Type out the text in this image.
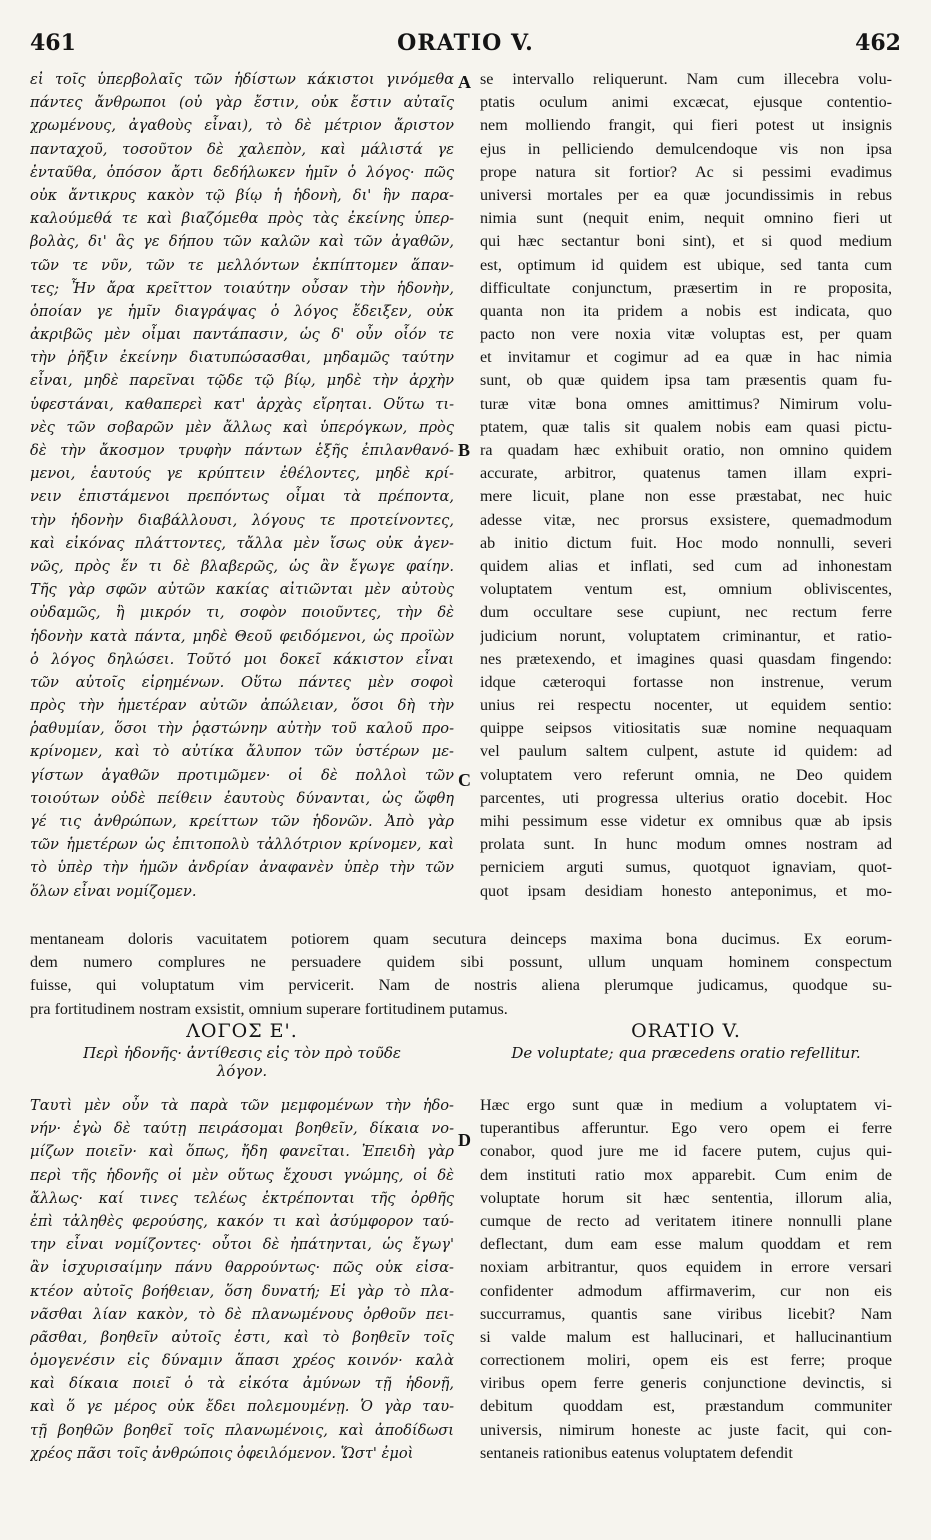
461	ORATIO V.	462
εἰ τοῖς ὑπερβολαῖς τῶν ἡδίστων κάκιστοι γινόμεθα
πάντες ἄνθρωποι (οὐ γὰρ ἔστιν, οὐκ ἔστιν αὐταῖς
χρωμένους, ἀγαθοὺς εἶναι), τὸ δὲ μέτριον ἄριστον
πανταχοῦ, τοσοῦτον δὲ χαλεπὸν, καὶ μάλιστά γε
ἐνταῦθα, ὁπόσον ἄρτι δεδήλωκεν ἡμῖν ὁ λόγος· πῶς
οὐκ ἄντικρυς κακὸν τῷ βίῳ ἡ ἡδονὴ, δι' ἣν παρα-
καλούμεθά τε καὶ βιαζόμεθα πρὸς τὰς ἐκείνης ὑπερ-
βολὰς, δι' ἃς γε δήπου τῶν καλῶν καὶ τῶν ἀγαθῶν,
τῶν τε νῦν, τῶν τε μελλόντων ἐκπίπτομεν ἅπαν-
τες; Ἦν ἄρα κρεῖττον τοιαύτην οὖσαν τὴν ἡδονὴν,
ὁποίαν γε ἡμῖν διαγράψας ὁ λόγος ἔδειξεν, οὐκ
ἀκριβῶς μὲν οἶμαι παντάπασιν, ὡς δ' οὖν οἷόν τε
τὴν ῥῆξιν ἐκείνην διατυπώσασθαι, μηδαμῶς ταύτην
εἶναι, μηδὲ παρεῖναι τῷδε τῷ βίῳ, μηδὲ τὴν ἀρχὴν
ὑφεστάναι, καθαπερεὶ κατ' ἀρχὰς εἴρηται. Οὕτω τι-
νὲς τῶν σοβαρῶν μὲν ἄλλως καὶ ὑπερόγκων, πρὸς
δὲ τὴν ἄκοσμον τρυφὴν πάντων ἑξῆς ἐπιλανθανό-
μενοι, ἑαυτούς γε κρύπτειν ἐθέλοντες, μηδὲ κρί-
νειν ἐπιστάμενοι πρεπόντως οἶμαι τὰ πρέποντα,
τὴν ἡδονὴν διαβάλλουσι, λόγους τε προτείνοντες,
καὶ εἰκόνας πλάττοντες, τἄλλα μὲν ἴσως οὐκ ἀγεν-
νῶς, πρὸς ἕν τι δὲ βλαβερῶς, ὡς ἂν ἔγωγε φαίην.
Τῆς γὰρ σφῶν αὐτῶν κακίας αἰτιῶνται μὲν αὐτοὺς
οὐδαμῶς, ἢ μικρόν τι, σοφὸν ποιοῦντες, τὴν δὲ
ἡδονὴν κατὰ πάντα, μηδὲ Θεοῦ φειδόμενοι, ὡς προϊὼν
ὁ λόγος δηλώσει. Τοῦτό μοι δοκεῖ κάκιστον εἶναι
τῶν αὐτοῖς εἰρημένων. Οὕτω πάντες μὲν σοφοὶ
πρὸς τὴν ἡμετέραν αὐτῶν ἀπώλειαν, ὅσοι δὴ τὴν
ῥαθυμίαν, ὅσοι τὴν ῥᾳστώνην αὐτὴν τοῦ καλοῦ προ-
κρίνομεν, καὶ τὸ αὐτίκα ἄλυπον τῶν ὑστέρων με-
γίστων ἀγαθῶν προτιμῶμεν· οἱ δὲ πολλοὶ τῶν
τοιούτων οὐδὲ πείθειν ἑαυτοὺς δύνανται, ὡς ὤφθη
γέ τις ἀνθρώπων, κρείττων τῶν ἡδονῶν. Ἀπὸ γὰρ
τῶν ἡμετέρων ὡς ἐπιτοπολὺ τἀλλότριον κρίνομεν, καὶ
τὸ ὑπὲρ τὴν ἡμῶν ἀνδρίαν ἀναφανὲν ὑπὲρ τὴν τῶν
ὅλων εἶναι νομίζομεν.
se intervallo reliquerunt. Nam cum illecebra volu-
ptatis oculum animi excæcat, ejusque contentio-
nem molliendo frangit, qui fieri potest ut insignis
ejus in pelliciendo demulcendoque vis non ipsa
prope natura sit fortior? Ac si pessimi evadimus
universi mortales per ea quæ jocundissimis in rebus
nimia sunt (nequit enim, nequit omnino fieri ut
qui hæc sectantur boni sint), et si quod medium
est, optimum id quidem est ubique, sed tanta cum
difficultate conjunctum, præsertim in re proposita,
quanta non ita pridem a nobis est indicata, quo
pacto non vere noxia vitæ voluptas est, per quam
et invitamur et cogimur ad ea quæ in hac nimia
sunt, ob quæ quidem ipsa tam præsentis quam fu-
turæ vitæ bona omnes amittimus? Nimirum volu-
ptatem, quæ talis sit qualem nobis eam quasi pictu-
ra quadam hæc exhibuit oratio, non omnino quidem
accurate, arbitror, quatenus tamen illam expri-
mere licuit, plane non esse præstabat, nec huic
adesse vitæ, nec prorsus exsistere, quemadmodum
ab initio dictum fuit. Hoc modo nonnulli, severi
quidem alias et inflati, sed cum ad inhonestam
voluptatem ventum est, omnium obliviscentes,
dum occultare sese cupiunt, nec rectum ferre
judicium norunt, voluptatem criminantur, et ratio-
nes prætexendo, et imagines quasi quasdam fingendo:
idque cæteroqui fortasse non instrenue, verum
unius rei respectu nocenter, ut equidem sentio:
quippe seipsos vitiositatis suæ nomine nequaquam
vel paulum saltem culpent, astute id quidem: ad
voluptatem vero referunt omnia, ne Deo quidem
parcentes, uti progressa ulterius oratio docebit. Hoc
mihi pessimum esse videtur ex omnibus quæ ab ipsis
prolata sunt. In hunc modum omnes nostram ad
perniciem arguti sumus, quotquot ignaviam, quot-
quot ipsam desidiam honesto anteponimus, et mo-
A
B
C
D
mentaneam doloris vacuitatem potiorem quam secutura deinceps maxima bona ducimus. Ex eorum-
dem numero complures ne persuadere quidem sibi possunt, ullum unquam hominem conspectum
fuisse, qui voluptatum vim pervicerit. Nam de nostris aliena plerumque judicamus, quodque su-
pra fortitudinem nostram exsistit, omnium superare fortitudinem putamus.
ΛΟΓΟΣ Ε'.
Περὶ ἡδονῆς· ἀντίθεσις εἰς τὸν πρὸ τοῦδε
λόγον.
ORATIO V.
De voluptate; qua præcedens oratio refellitur.
Ταυτὶ μὲν οὖν τὰ παρὰ τῶν μεμφομένων τὴν ἡδο-
νήν· ἐγὼ δὲ ταύτῃ πειράσομαι βοηθεῖν, δίκαια νο-
μίζων ποιεῖν· καὶ ὅπως, ἤδη φανεῖται. Ἐπειδὴ γὰρ
περὶ τῆς ἡδονῆς οἱ μὲν οὕτως ἔχουσι γνώμης, οἱ δὲ
ἄλλως· καί τινες τελέως ἐκτρέπονται τῆς ὀρθῆς
ἐπὶ τἀληθὲς φερούσης, κακόν τι καὶ ἀσύμφορον ταύ-
την εἶναι νομίζοντες· οὗτοι δὲ ἠπάτηνται, ὡς ἔγωγ'
ἂν ἰσχυρισαίμην πάνυ θαρρούντως· πῶς οὐκ εἰσα-
κτέον αὐτοῖς βοήθειαν, ὅση δυνατή; Εἰ γὰρ τὸ πλα-
νᾶσθαι λίαν κακὸν, τὸ δὲ πλανωμένους ὀρθοῦν πει-
ρᾶσθαι, βοηθεῖν αὐτοῖς ἐστι, καὶ τὸ βοηθεῖν τοῖς
ὁμογενέσιν εἰς δύναμιν ἅπασι χρέος κοινόν· καλὰ
καὶ δίκαια ποιεῖ ὁ τὰ εἰκότα ἀμύνων τῇ ἡδονῇ,
καὶ ὅ γε μέρος οὐκ ἔδει πολεμουμένῃ. Ὁ γὰρ ταυ-
τῇ βοηθῶν βοηθεῖ τοῖς πλανωμένοις, καὶ ἀποδίδωσι
χρέος πᾶσι τοῖς ἀνθρώποις ὀφειλόμενον. Ὥστ' ἐμοὶ
Hæc ergo sunt quæ in medium a voluptatem vi-
tuperantibus afferuntur. Ego vero opem ei ferre
conabor, quod jure me id facere putem, cujus qui-
dem instituti ratio mox apparebit. Cum enim de
voluptate horum sit hæc sententia, illorum alia,
cumque de recto ad veritatem itinere nonnulli plane
deflectant, dum eam esse malum quoddam et rem
noxiam arbitrantur, quos equidem in errore versari
confidenter admodum affirmaverim, cur non eis
succurramus, quantis sane viribus licebit? Nam
si valde malum est hallucinari, et hallucinantium
correctionem moliri, opem eis est ferre; proque
viribus opem ferre generis conjunctione devinctis, si
debitum quoddam est, præstandum communiter
universis, nimirum honeste ac juste facit, qui con-
sentaneis rationibus eatenus voluptatem defendit
